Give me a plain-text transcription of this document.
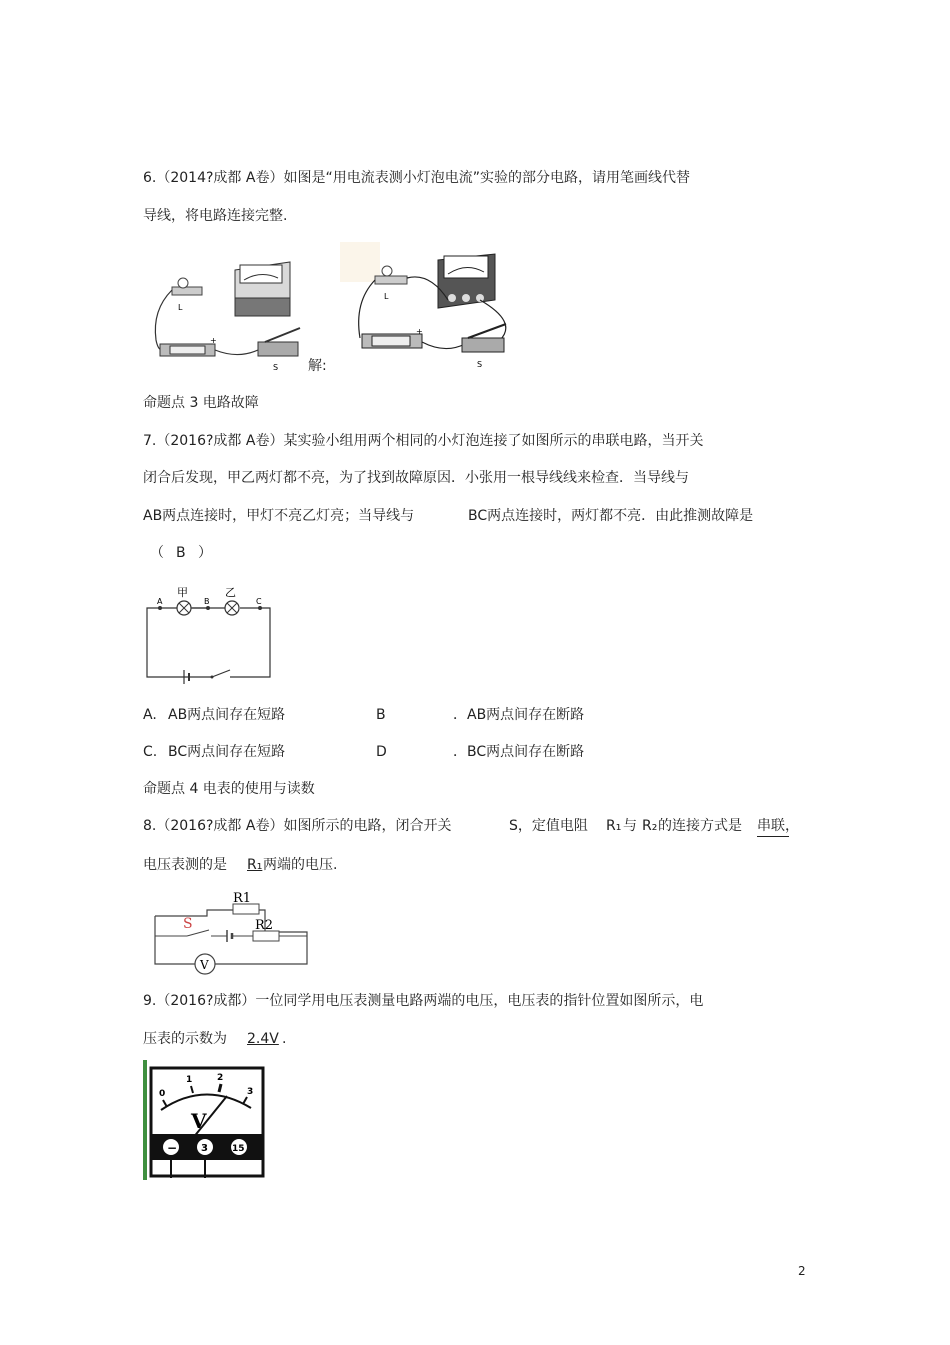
6.（2014?成都 A卷）如图是“用电流表测小灯泡电流”实验的部分电路，请用笔画线代替
导线，将电路连接完整.
L
+
S 解:
L
+
S
命题点 3 电路故障
7.（2016?成都 A卷）某实验小组用两个相同的小灯泡连接了如图所示的串联电路，当开关
闭合后发现，甲乙两灯都不亮，为了找到故障原因．小张用一根导线线来检查．当导线与
AB两点连接时，甲灯不亮乙灯亮；当导线与	BC两点连接时，两灯都不亮．由此推测故障是
（ B ）
A	B	C
甲	乙
A. AB两点间存在短路	B	．AB两点间存在断路
C. BC两点间存在短路	D	．BC两点间存在断路
命题点 4 电表的使用与读数
8.（2016?成都 A卷）如图所示的电路，闭合开关	S，定值电阻 R₁ 与 R₂ 的连接方式是 串联，
电压表测的是 R₁ 两端的电压.
V
R1
R2
S
9.（2016?成都）一位同学用电压表测量电路两端的电压，电压表的指针位置如图所示，电
压表的示数为 2.4V .
0
1	2
3
V
− 3	15
2
